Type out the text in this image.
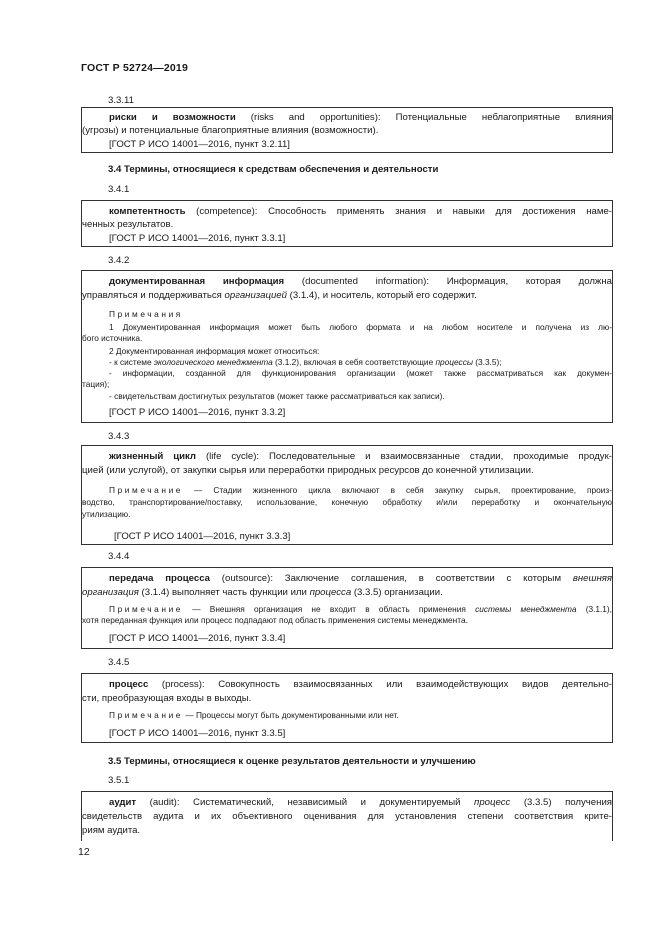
ГОСТ Р 52724—2019
3.3.11

риски и возможности (risks and opportunities): Потенциальные неблагоприятные влияния

(угрозы) и потенциальные благоприятные влияния (возможности).

[ГОСТ Р ИСО 14001—2016, пункт 3.2.11]

3.4 Термины, относящиеся к средствам обеспечения и деятельности
3.4.1

компетентность (competence): Способность применять знания и навыки для достижения наме-

ченных результатов.

[ГОСТ Р ИСО 14001—2016, пункт 3.3.1]

3.4.2

документированная информация (documented information): Информация, которая должна

управляться и поддерживаться организацией (3.1.4), и носитель, который его содержит.

Примечания

1 Документированная информация может быть любого формата и на любом носителе и получена из лю-

бого источника.

2 Документированная информация может относиться:

- к системе экологического менеджмента (3.1.2), включая в себя соответствующие процессы (3.3.5);

- информации, созданной для функционирования организации (может также рассматриваться как докумен-

тация);

- свидетельствам достигнутых результатов (может также рассматриваться как записи).

[ГОСТ Р ИСО 14001—2016, пункт 3.3.2]

3.4.3

жизненный цикл (life cycle): Последовательные и взаимосвязанные стадии, проходимые продук-

цией (или услугой), от закупки сырья или переработки природных ресурсов до конечной утилизации.

Примечание — Стадии жизненного цикла включают в себя закупку сырья, проектирование, произ-

водство, транспортирование/поставку, использование, конечную обработку и/или переработку и окончательную

утилизацию.

[ГОСТ Р ИСО 14001—2016, пункт 3.3.3]

3.4.4

передача процесса (outsource): Заключение соглашения, в соответствии с которым внешняя

организация (3.1.4) выполняет часть функции или процесса (3.3.5) организации.

Примечание — Внешняя организация не входит в область применения системы менеджмента (3.1.1),

хотя переданная функция или процесс подпадают под область применения системы менеджмента.

[ГОСТ Р ИСО 14001—2016, пункт 3.3.4]

3.4.5

процесс (process): Совокупность взаимосвязанных или взаимодействующих видов деятельно-

сти, преобразующая входы в выходы.

Примечание — Процессы могут быть документированными или нет.

[ГОСТ Р ИСО 14001—2016, пункт 3.3.5]

3.5 Термины, относящиеся к оценке результатов деятельности и улучшению
3.5.1

аудит (audit): Систематический, независимый и документируемый процесс (3.3.5) получения

свидетельств аудита и их объективного оценивания для установления степени соответствия крите-

риям аудита.

12
